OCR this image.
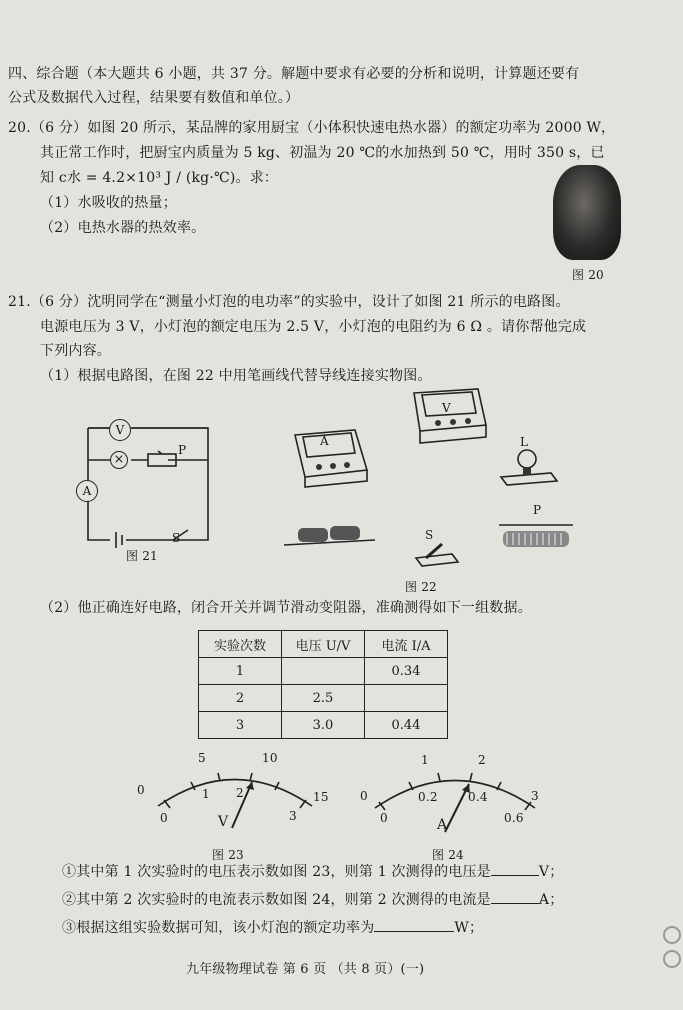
四、综合题（本大题共 6 小题，共 37 分。解题中要求有必要的分析和说明，计算题还要有
公式及数据代入过程，结果要有数值和单位。）
20.（6 分）如图 20 所示，某品牌的家用厨宝（小体积快速电热水器）的额定功率为 2000 W，
其正常工作时，把厨宝内质量为 5 kg、初温为 20 ℃的水加热到 50 ℃，用时 350 s，已
知 c水 = 4.2×10³ J / (kg·℃)。求：
（1）水吸收的热量；
（2）电热水器的热效率。
图 20
21.（6 分）沈明同学在“测量小灯泡的电功率”的实验中，设计了如图 21 所示的电路图。
电源电压为 3 V，小灯泡的额定电压为 2.5 V，小灯泡的电阻约为 6 Ω 。请你帮他完成
下列内容。
（1）根据电路图，在图 22 中用笔画线代替导线连接实物图。
V
×
A
P
S
图 21
A
V
L
S
P
图 22
（2）他正确连好电路，闭合开关并调节滑动变阻器，准确测得如下一组数据。
实验次数	电压 U/V	电流 I/A
1		0.34
2	2.5	
3	3.0	0.44
5	10
0	15
0
1 2
3
V
图 23
1	2
0	3
0
0.2	0.4
0.6
A
图 24
①其中第 1 次实验时的电压表示数如图 23，则第 1 次测得的电压是	V；
②其中第 2 次实验时的电流表示数如图 24，则第 2 次测得的电流是	A；
③根据这组实验数据可知，该小灯泡的额定功率为	W；
九年级物理试卷 第 6 页 （共 8 页）(一)
